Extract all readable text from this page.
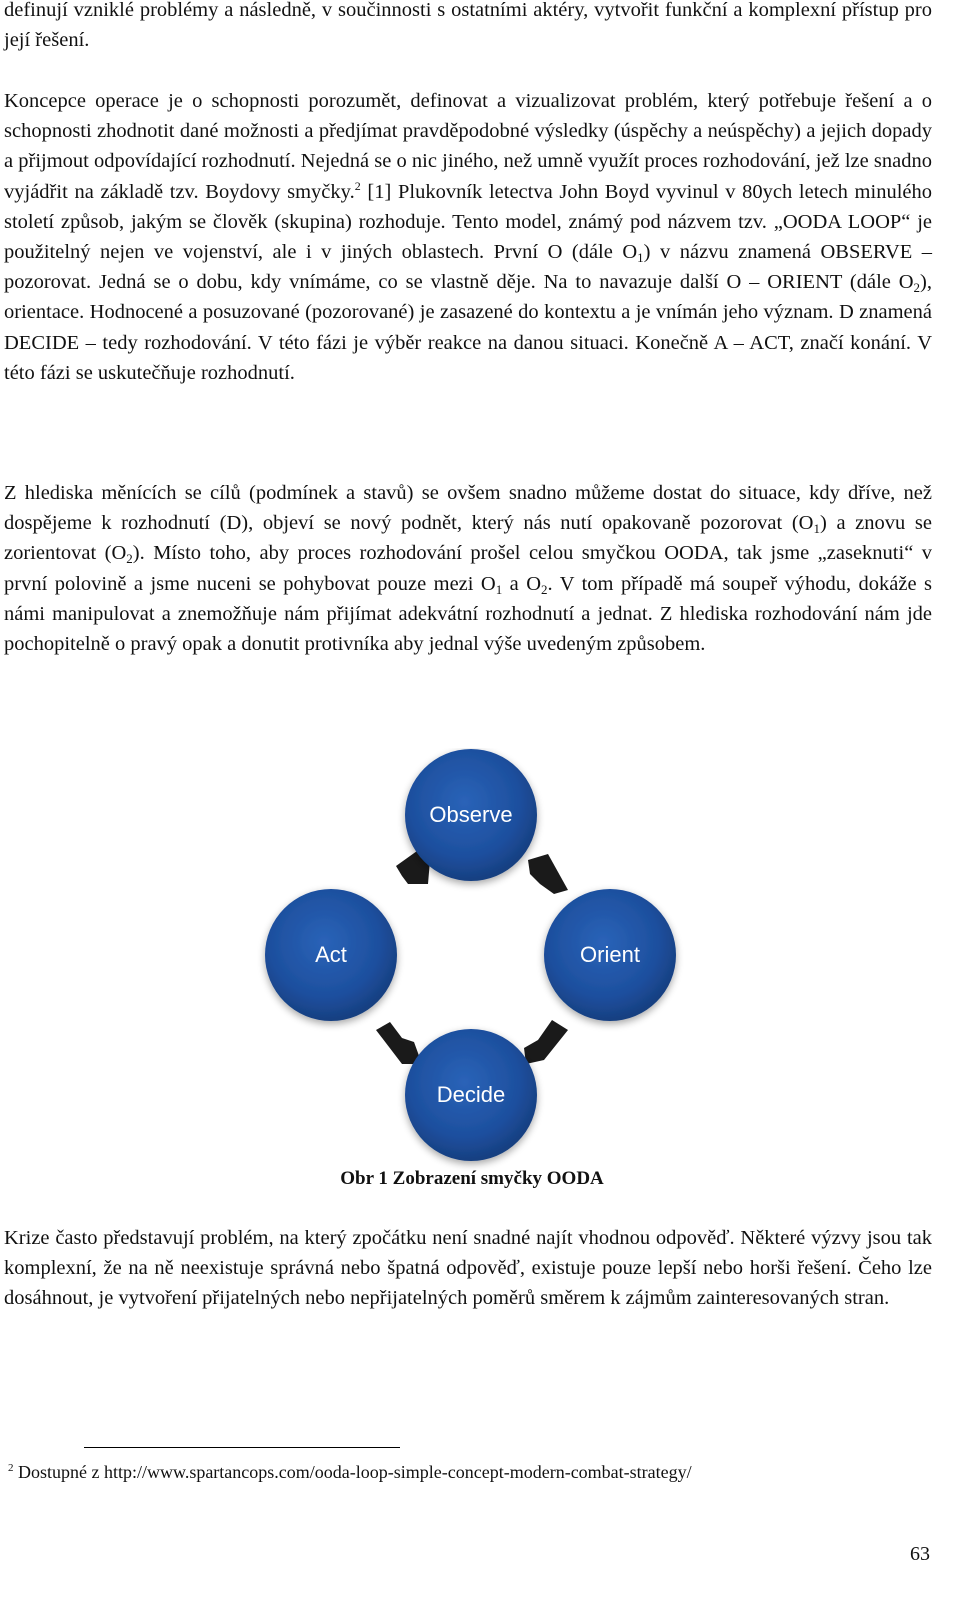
definují vzniklé problémy a následně, v součinnosti s ostatními aktéry, vytvořit funkční a komplexní přístup pro její řešení.

Koncepce operace je o schopnosti porozumět, definovat a vizualizovat problém, který potřebuje řešení a o schopnosti zhodnotit dané možnosti a předjímat pravděpodobné výsledky (úspěchy a neúspěchy) a jejich dopady a přijmout odpovídající rozhodnutí. Nejedná se o nic jiného, než umně využít proces rozhodování, jež lze snadno vyjádřit na základě tzv. Boydovy smyčky.$^2$ [1] Plukovník letectva John Boyd vyvinul v 80ych letech minulého století způsob, jakým se člověk (skupina) rozhoduje. Tento model, známý pod názvem tzv. „OODA LOOP“ je použitelný nejen ve vojenství, ale i v jiných oblastech. První O (dále $O_1$) v názvu znamená OBSERVE – pozorovat. Jedná se o dobu, kdy vnímáme, co se vlastně děje. Na to navazuje další O – ORIENT (dále $O_2$), orientace. Hodnocené a posuzované (pozorované) je zasazené do kontextu a je vnímán jeho význam. D znamená DECIDE – tedy rozhodování. V této fázi je výběr reakce na danou situaci. Konečně A – ACT, značí konání. V této fázi se uskutečňuje rozhodnutí.

Z hlediska měnících se cílů (podmínek a stavů) se ovšem snadno můžeme dostat do situace, kdy dříve, než dospějeme k rozhodnutí (D), objeví se nový podnět, který nás nutí opakovaně pozorovat $(O_1)$ a znovu se zorientovat $(O_2)$. Místo toho, aby proces rozhodování prošel celou smyčkou OODA, tak jsme „zaseknuti“ v první polovině a jsme nuceni se pohybovat pouze mezi $O_1$ a $O_2$. V tom případě má soupeř výhodu, dokáže s námi manipulovat a znemožňuje nám přijímat adekvátní rozhodnutí a jednat. Z hlediska rozhodování nám jde pochopitelně o pravý opak a donutit protivníka aby jednal výše uvedeným způsobem.

Observe
Act	Orient
Decide
Obr 1 Zobrazení smyčky OODA

Krize často představují problém, na který zpočátku není snadné najít vhodnou odpověď. Některé výzvy jsou tak komplexní, že na ně neexistuje správná nebo špatná odpověď, existuje pouze lepší nebo horši řešení. Čeho lze dosáhnout, je vytvoření přijatelných nebo nepřijatelných poměrů směrem k zájmům zainteresovaných stran.

$^2$ Dostupné z http://www.spartancops.com/ooda-loop-simple-concept-modern-combat-strategy/
63
